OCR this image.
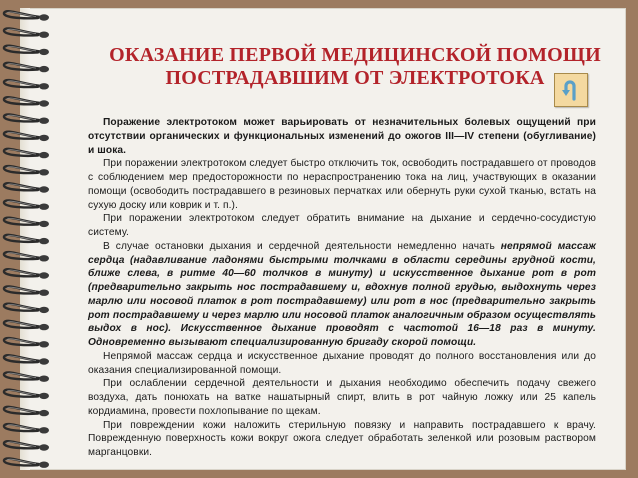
ОКАЗАНИЕ ПЕРВОЙ МЕДИЦИНСКОЙ ПОМОЩИ
ПОСТРАДАВШИМ ОТ ЭЛЕКТРОТОКА

Поражение электротоком может варьировать от незначительных болевых ощущений при отсутствии органических и функциональных изменений до ожогов III—IV степени (обугливание) и шока.

При поражении электротоком следует быстро отключить ток, освободить пострадавшего от проводов с соблюдением мер предосторожности по нераспространению тока на лиц, участвующих в оказании помощи (освободить пострадавшего в резиновых перчатках или обернуть руки сухой тканью, встать на сухую доску или коврик и т. п.).

При поражении электротоком следует обратить внимание на дыхание и сердечно-сосудистую систему.

В случае остановки дыхания и сердечной деятельности немедленно начать непрямой массаж сердца (надавливание ладонями быстрыми толчками в области середины грудной кости, ближе слева, в ритме 40—60 толчков в минуту) и искусственное дыхание рот в рот (предварительно закрыть нос пострадавшему и, вдохнув полной грудью, выдохнуть через марлю или носовой платок в рот пострадавшему) или рот в нос (предварительно закрыть рот пострадавшему и через марлю или носовой платок аналогичным образом осуществлять выдох в нос). Искусственное дыхание проводят с частотой 16—18 раз в минуту. Одновременно вызывают специализированную бригаду скорой помощи.

Непрямой массаж сердца и искусственное дыхание проводят до полного восстановления или до оказания специализированной помощи.

При ослаблении сердечной деятельности и дыхания необходимо обеспечить подачу свежего воздуха, дать понюхать на ватке нашатырный спирт, влить в рот чайную ложку или 25 капель кордиамина, провести похлопывание по щекам.

При повреждении кожи наложить стерильную повязку и направить пострадавшего к врачу. Поврежденную поверхность кожи вокруг ожога следует обработать зеленкой или розовым раствором марганцовки.
